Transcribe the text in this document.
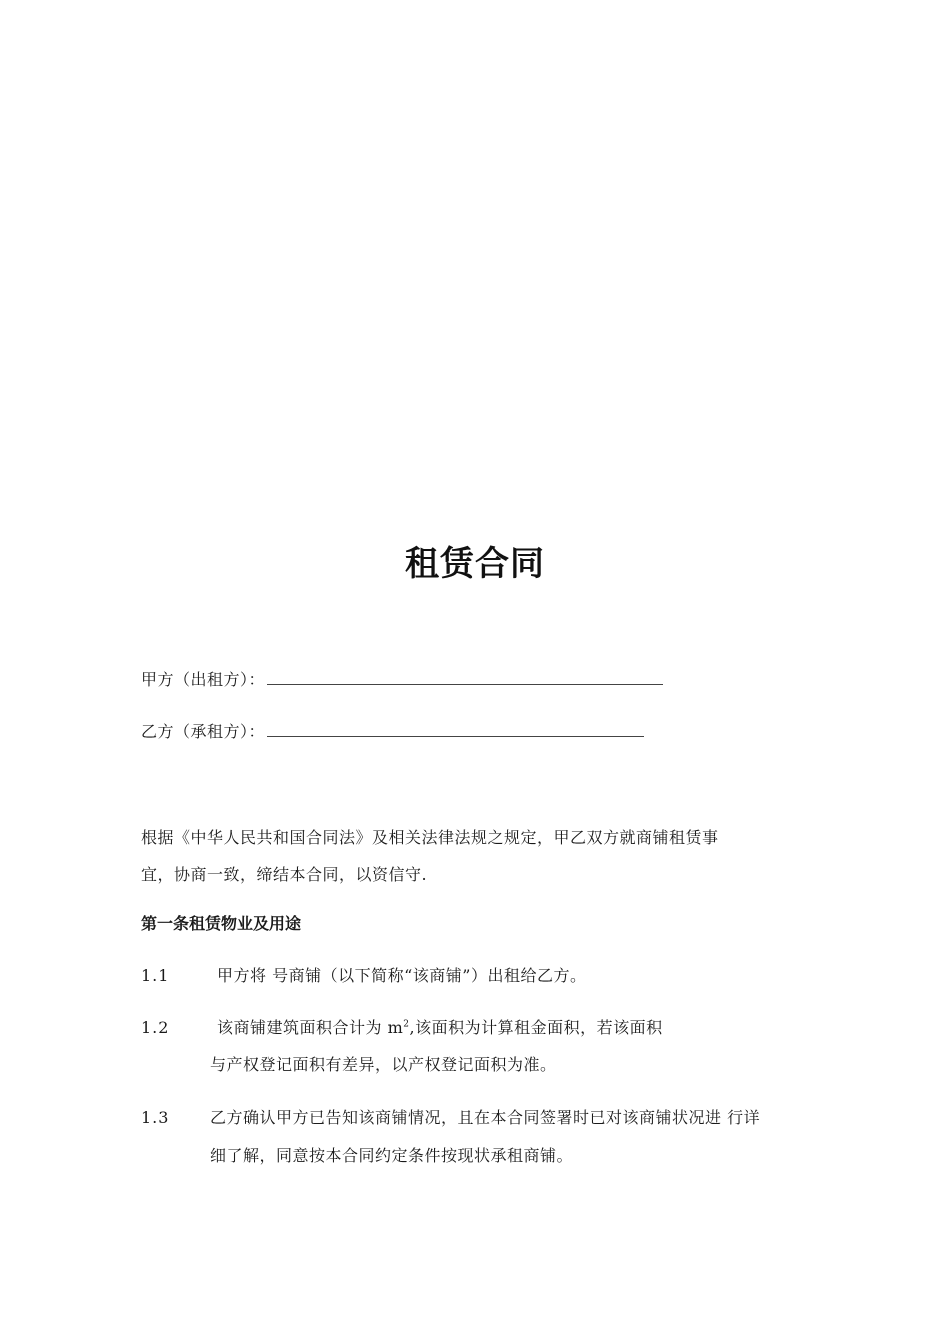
租赁合同
甲方（出租方）：
乙方（承租方）：
根据《中华人民共和国合同法》及相关法律法规之规定，甲乙双方就商铺租赁事
宜，协商一致，缔结本合同，以资信守.
第一条租赁物业及用途
1.1	甲方将 号商铺（以下简称“该商铺”）出租给乙方。
1.2	该商铺建筑面积合计为 $m^2$,该面积为计算租金面积，若该面积
与产权登记面积有差异，以产权登记面积为准。
1.3	乙方确认甲方已告知该商铺情况，且在本合同签署时已对该商铺状况进 行详
细了解，同意按本合同约定条件按现状承租商铺。
